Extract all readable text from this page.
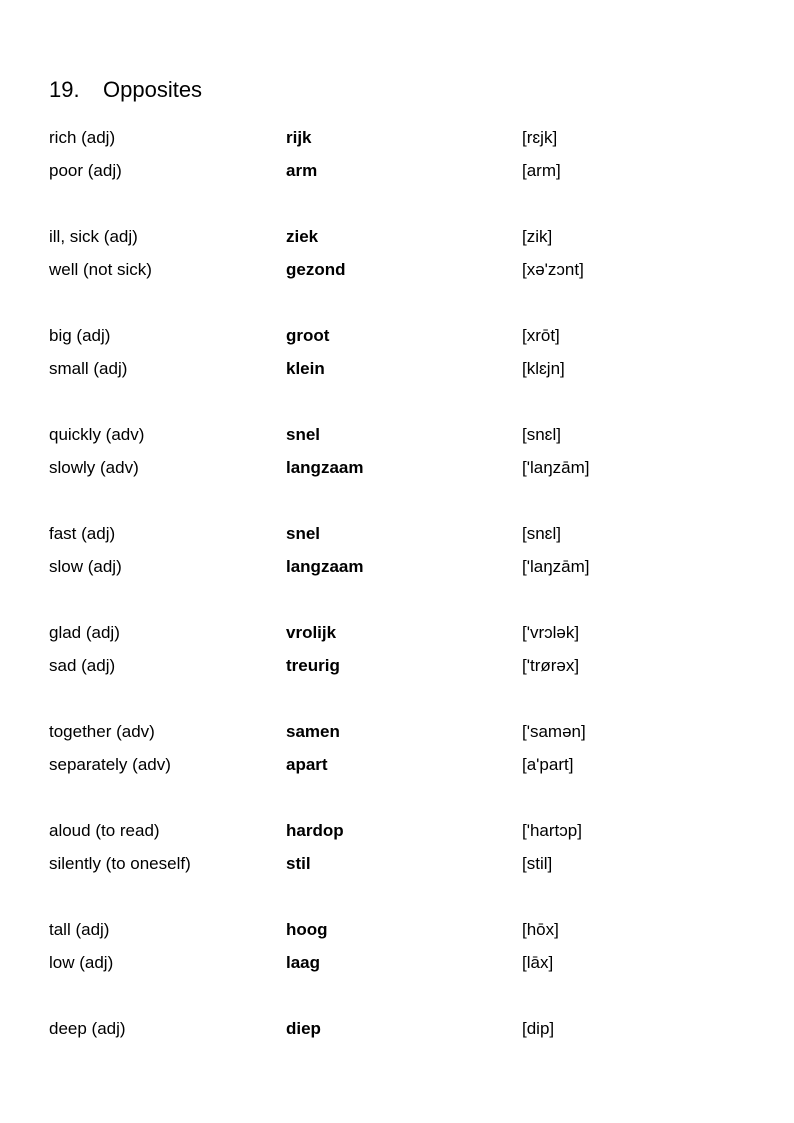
19. Opposites
rich (adj)	rijk	[rɛjk]
poor (adj)	arm	[arm]
ill, sick (adj)	ziek	[zik]
well (not sick)	gezond	[xə'zɔnt]
big (adj)	groot	[xrōt]
small (adj)	klein	[klɛjn]
quickly (adv)	snel	[snɛl]
slowly (adv)	langzaam	['laŋzām]
fast (adj)	snel	[snɛl]
slow (adj)	langzaam	['laŋzām]
glad (adj)	vrolijk	['vrɔlək]
sad (adj)	treurig	['trørəx]
together (adv)	samen	['samən]
separately (adv)	apart	[a'part]
aloud (to read)	hardop	['hartɔp]
silently (to oneself)	stil	[stil]
tall (adj)	hoog	[hōx]
low (adj)	laag	[lāx]
deep (adj)	diep	[dip]
